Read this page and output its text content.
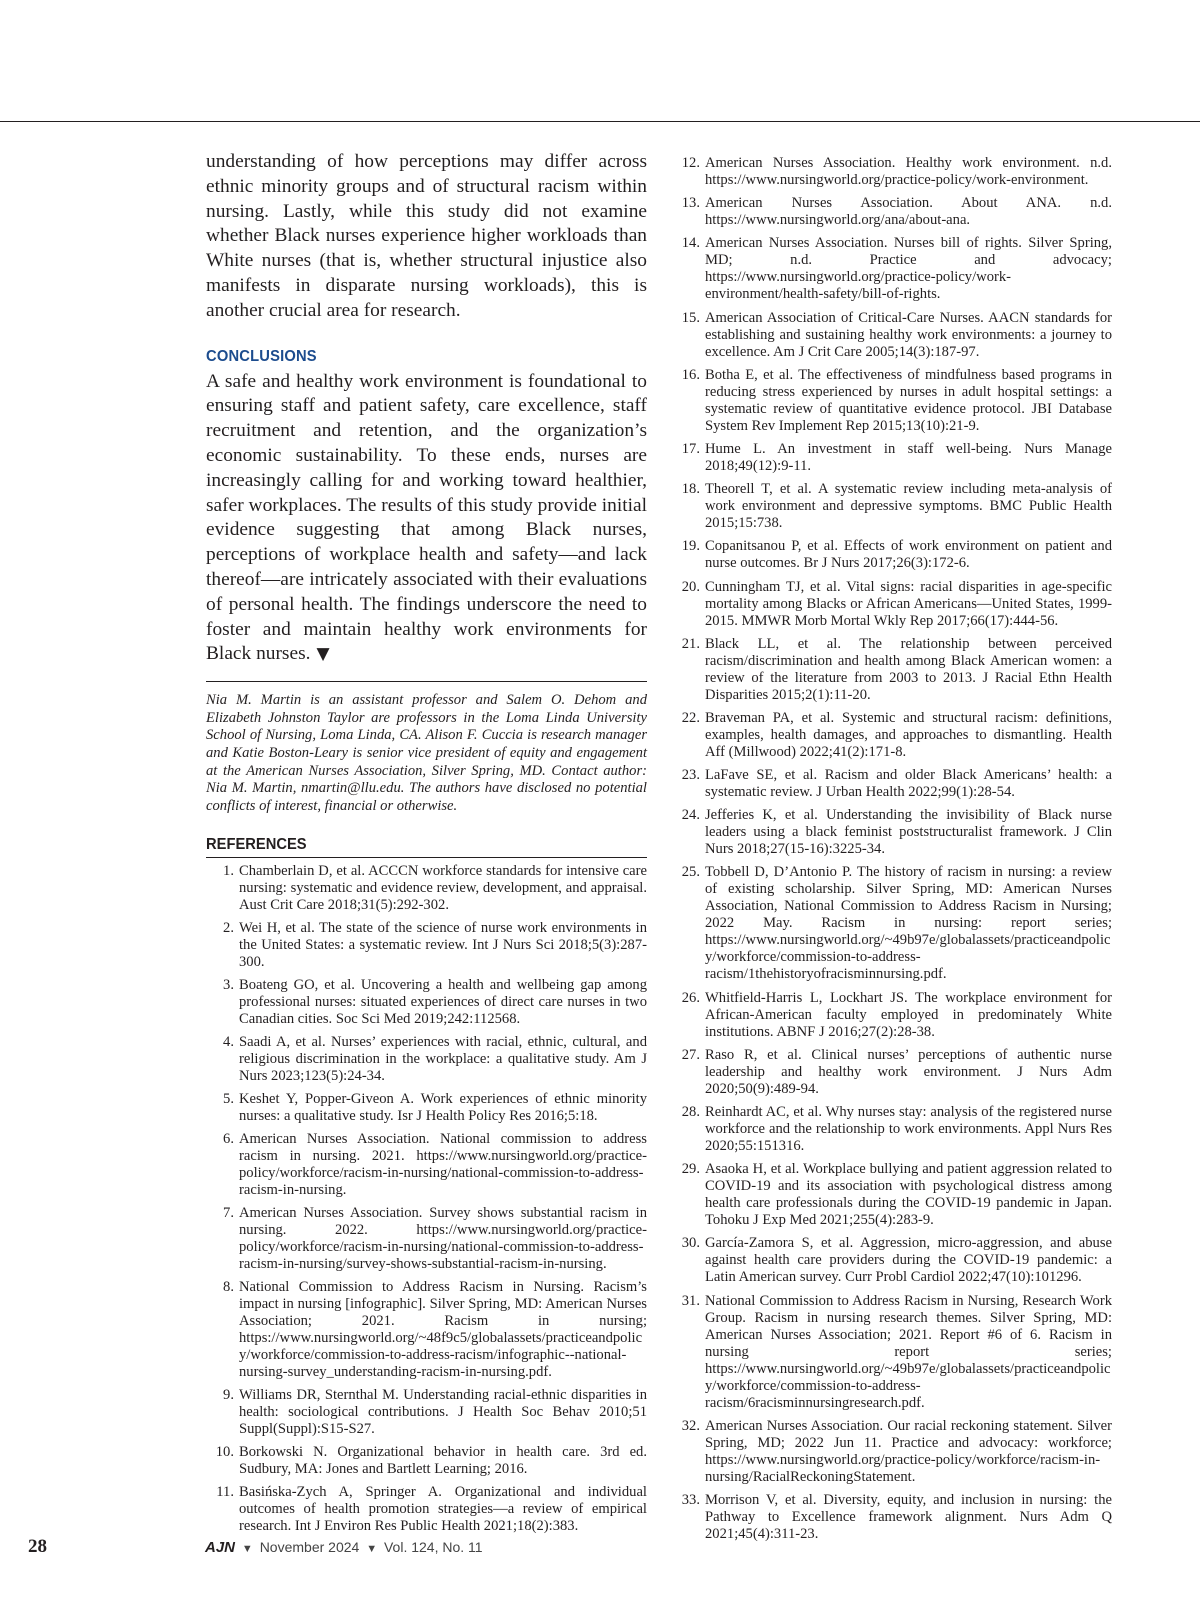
understanding of how perceptions may differ across ethnic minority groups and of structural racism within nursing. Lastly, while this study did not examine whether Black nurses experience higher workloads than White nurses (that is, whether structural injustice also manifests in disparate nursing workloads), this is another crucial area for research.

CONCLUSIONS

A safe and healthy work environment is foundational to ensuring staff and patient safety, care excellence, staff recruitment and retention, and the organization’s economic sustainability. To these ends, nurses are increasingly calling for and working toward healthier, safer workplaces. The results of this study provide initial evidence suggesting that among Black nurses, perceptions of workplace health and safety—and lack thereof—are intricately associated with their evaluations of personal health. The findings underscore the need to foster and maintain healthy work environments for Black nurses. ▼

Nia M. Martin is an assistant professor and Salem O. Dehom and Elizabeth Johnston Taylor are professors in the Loma Linda University School of Nursing, Loma Linda, CA. Alison F. Cuccia is research manager and Katie Boston-Leary is senior vice president of equity and engagement at the American Nurses Association, Silver Spring, MD. Contact author: Nia M. Martin, nmartin@llu.edu. The authors have disclosed no potential conflicts of interest, financial or otherwise.

REFERENCES
1. Chamberlain D, et al. ACCCN workforce standards for intensive care nursing: systematic and evidence review, development, and appraisal. Aust Crit Care 2018;31(5):292-302.
2. Wei H, et al. The state of the science of nurse work environments in the United States: a systematic review. Int J Nurs Sci 2018;5(3):287-300.
3. Boateng GO, et al. Uncovering a health and wellbeing gap among professional nurses: situated experiences of direct care nurses in two Canadian cities. Soc Sci Med 2019;242:112568.
4. Saadi A, et al. Nurses’ experiences with racial, ethnic, cultural, and religious discrimination in the workplace: a qualitative study. Am J Nurs 2023;123(5):24-34.
5. Keshet Y, Popper-Giveon A. Work experiences of ethnic minority nurses: a qualitative study. Isr J Health Policy Res 2016;5:18.
6. American Nurses Association. National commission to address racism in nursing. 2021. https://www.nursingworld.org/practice-policy/workforce/racism-in-nursing/national-commission-to-address-racism-in-nursing.
7. American Nurses Association. Survey shows substantial racism in nursing. 2022. https://www.nursingworld.org/practice-policy/workforce/racism-in-nursing/national-commission-to-address-racism-in-nursing/survey-shows-substantial-racism-in-nursing.
8. National Commission to Address Racism in Nursing. Racism’s impact in nursing [infographic]. Silver Spring, MD: American Nurses Association; 2021. Racism in nursing; https://www.nursingworld.org/~48f9c5/globalassets/practiceandpolicy/workforce/commission-to-address-racism/infographic--national-nursing-survey_understanding-racism-in-nursing.pdf.
9. Williams DR, Sternthal M. Understanding racial-ethnic disparities in health: sociological contributions. J Health Soc Behav 2010;51 Suppl(Suppl):S15-S27.
10. Borkowski N. Organizational behavior in health care. 3rd ed. Sudbury, MA: Jones and Bartlett Learning; 2016.
11. Basińska-Zych A, Springer A. Organizational and individual outcomes of health promotion strategies—a review of empirical research. Int J Environ Res Public Health 2021;18(2):383.
12. American Nurses Association. Healthy work environment. n.d. https://www.nursingworld.org/practice-policy/work-environment.
13. American Nurses Association. About ANA. n.d. https://www.nursingworld.org/ana/about-ana.
14. American Nurses Association. Nurses bill of rights. Silver Spring, MD; n.d. Practice and advocacy; https://www.nursingworld.org/practice-policy/work-environment/health-safety/bill-of-rights.
15. American Association of Critical-Care Nurses. AACN standards for establishing and sustaining healthy work environments: a journey to excellence. Am J Crit Care 2005;14(3):187-97.
16. Botha E, et al. The effectiveness of mindfulness based programs in reducing stress experienced by nurses in adult hospital settings: a systematic review of quantitative evidence protocol. JBI Database System Rev Implement Rep 2015;13(10):21-9.
17. Hume L. An investment in staff well-being. Nurs Manage 2018;49(12):9-11.
18. Theorell T, et al. A systematic review including meta-analysis of work environment and depressive symptoms. BMC Public Health 2015;15:738.
19. Copanitsanou P, et al. Effects of work environment on patient and nurse outcomes. Br J Nurs 2017;26(3):172-6.
20. Cunningham TJ, et al. Vital signs: racial disparities in age-specific mortality among Blacks or African Americans—United States, 1999-2015. MMWR Morb Mortal Wkly Rep 2017;66(17):444-56.
21. Black LL, et al. The relationship between perceived racism/discrimination and health among Black American women: a review of the literature from 2003 to 2013. J Racial Ethn Health Disparities 2015;2(1):11-20.
22. Braveman PA, et al. Systemic and structural racism: definitions, examples, health damages, and approaches to dismantling. Health Aff (Millwood) 2022;41(2):171-8.
23. LaFave SE, et al. Racism and older Black Americans’ health: a systematic review. J Urban Health 2022;99(1):28-54.
24. Jefferies K, et al. Understanding the invisibility of Black nurse leaders using a black feminist poststructuralist framework. J Clin Nurs 2018;27(15-16):3225-34.
25. Tobbell D, D’Antonio P. The history of racism in nursing: a review of existing scholarship. Silver Spring, MD: American Nurses Association, National Commission to Address Racism in Nursing; 2022 May. Racism in nursing: report series; https://www.nursingworld.org/~49b97e/globalassets/practiceandpolicy/workforce/commission-to-address-racism/1thehistoryofracisminnursing.pdf.
26. Whitfield-Harris L, Lockhart JS. The workplace environment for African-American faculty employed in predominately White institutions. ABNF J 2016;27(2):28-38.
27. Raso R, et al. Clinical nurses’ perceptions of authentic nurse leadership and healthy work environment. J Nurs Adm 2020;50(9):489-94.
28. Reinhardt AC, et al. Why nurses stay: analysis of the registered nurse workforce and the relationship to work environments. Appl Nurs Res 2020;55:151316.
29. Asaoka H, et al. Workplace bullying and patient aggression related to COVID-19 and its association with psychological distress among health care professionals during the COVID-19 pandemic in Japan. Tohoku J Exp Med 2021;255(4):283-9.
30. García-Zamora S, et al. Aggression, micro-aggression, and abuse against health care providers during the COVID-19 pandemic: a Latin American survey. Curr Probl Cardiol 2022;47(10):101296.
31. National Commission to Address Racism in Nursing, Research Work Group. Racism in nursing research themes. Silver Spring, MD: American Nurses Association; 2021. Report #6 of 6. Racism in nursing report series; https://www.nursingworld.org/~49b97e/globalassets/practiceandpolicy/workforce/commission-to-address-racism/6racisminnursingresearch.pdf.
32. American Nurses Association. Our racial reckoning statement. Silver Spring, MD; 2022 Jun 11. Practice and advocacy: workforce; https://www.nursingworld.org/practice-policy/workforce/racism-in-nursing/RacialReckoningStatement.
33. Morrison V, et al. Diversity, equity, and inclusion in nursing: the Pathway to Excellence framework alignment. Nurs Adm Q 2021;45(4):311-23.
28	AJN ▼ November 2024 ▼ Vol. 124, No. 11
